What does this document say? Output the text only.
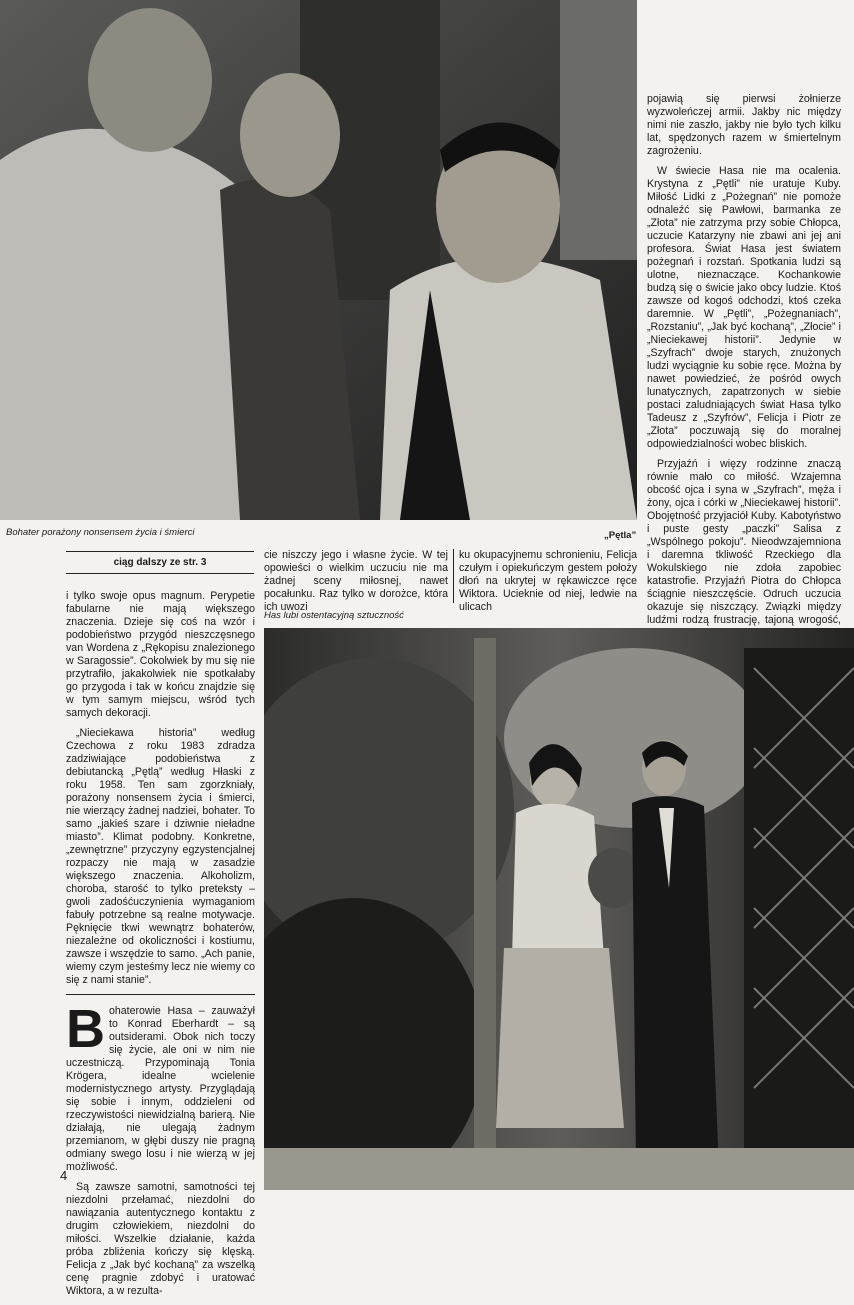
pojawią się pierwsi żołnierze wyzwoleńczej armii. Jakby nic między nimi nie zaszło, jakby nie było tych kilku lat, spędzonych razem w śmiertelnym zagrożeniu.

W świecie Hasa nie ma ocalenia. Krystyna z „Pętli” nie uratuje Kuby. Miłość Lidki z „Pożegnań” nie pomoże odnaleźć się Pawłowi, barmanka ze „Złota” nie zatrzyma przy sobie Chłopca, uczucie Katarzyny nie zbawi ani jej ani profesora. Świat Hasa jest światem pożegnań i rozstań. Spotkania ludzi są ulotne, nieznaczące. Kochankowie budzą się o świcie jako obcy ludzie. Ktoś zawsze od kogoś odchodzi, ktoś czeka daremnie. W „Pętli”, „Pożegnaniach”, „Rozstaniu”, „Jak być kochaną”, „Złocie” i „Nieciekawej historii”. Jedynie w „Szyfrach” dwoje starych, znużonych ludzi wyciągnie ku sobie ręce. Można by nawet powiedzieć, że pośród owych lunatycznych, zapatrzonych w siebie postaci zaludniających świat Hasa tylko Tadeusz z „Szyfrów”, Felicja i Piotr ze „Złota” poczuwają się do moralnej odpowiedzialności wobec bliskich.

Przyjaźń i więzy rodzinne znaczą równie mało co miłość. Wzajemna obcość ojca i syna w „Szyfrach”, męża i żony, ojca i córki w „Nieciekawej historii”. Obojętność przyjaciół Kuby. Kabotyństwo i puste gesty „paczki” Salisa z „Wspólnego pokoju”. Nieodwzajemniona i daremna tkliwość Rzeckiego dla Wokulskiego nie zdoła zapobiec katastrofie. Przyjaźń Piotra do Chłopca ściągnie nieszczęście. Odruch uczucia okazuje się niszczący. Związki między ludźmi rodzą frustrację, tajoną wrogość,

Bohater porażony nonsensem życia i śmierci	„Pętla”
ciąg dalszy ze str. 3

cie niszczy jego i własne życie. W tej opowieści o wielkim uczuciu nie ma żadnej sceny miłosnej, nawet pocałunku. Raz tylko w dorożce, która ich uwozi

ku okupacyjnemu schronieniu, Felicja czułym i opiekuńczym gestem położy dłoń na ukrytej w rękawiczce ręce Wiktora. Ucieknie od niej, ledwie na ulicach

Has lubi ostentacyjną sztuczność

i tylko swoje opus magnum. Perypetie fabularne nie mają większego znaczenia. Dzieje się coś na wzór i podobieństwo przygód nieszczęsnego van Wordena z „Rękopisu znalezionego w Saragossie”. Cokolwiek by mu się nie przytrafiło, jakakolwiek nie spotkałaby go przygoda i tak w końcu znajdzie się w tym samym miejscu, wśród tych samych dekoracji.

„Nieciekawa historia” według Czechowa z roku 1983 zdradza zadziwiające podobieństwa z debiutancką „Pętlą” według Hłaski z roku 1958. Ten sam zgorzkniały, porażony nonsensem życia i śmierci, nie wierzący żadnej nadziei, bohater. To samo „jakieś szare i dziwnie nieładne miasto”. Klimat podobny. Konkretne, „zewnętrzne” przyczyny egzystencjalnej rozpaczy nie mają w zasadzie większego znaczenia. Alkoholizm, choroba, starość to tylko preteksty – gwoli zadośćuczynienia wymaganiom fabuły potrzebne są realne motywacje. Pęknięcie tkwi wewnątrz bohaterów, niezależne od okoliczności i kostiumu, zawsze i wszędzie to samo. „Ach panie, wiemy czym jesteśmy lecz nie wiemy co się z nami stanie”.

Bohaterowie Hasa – zauważył to Konrad Eberhardt – są outsiderami. Obok nich toczy się życie, ale oni w nim nie uczestniczą. Przypominają Tonia Krögera, idealne wcielenie modernistycznego artysty. Przyglądają się sobie i innym, oddzieleni od rzeczywistości niewidzialną barierą. Nie działają, nie ulegają żadnym przemianom, w głębi duszy nie pragną odmiany swego losu i nie wierzą w jej możliwość.

Są zawsze samotni, samotności tej niezdolni przełamać, niezdolni do nawiązania autentycznego kontaktu z drugim człowiekiem, niezdolni do miłości. Wszelkie działanie, każda próba zbliżenia kończy się klęską. Felicja z „Jak być kochaną” za wszelką cenę pragnie zdobyć i uratować Wiktora, a w rezulta-

4
